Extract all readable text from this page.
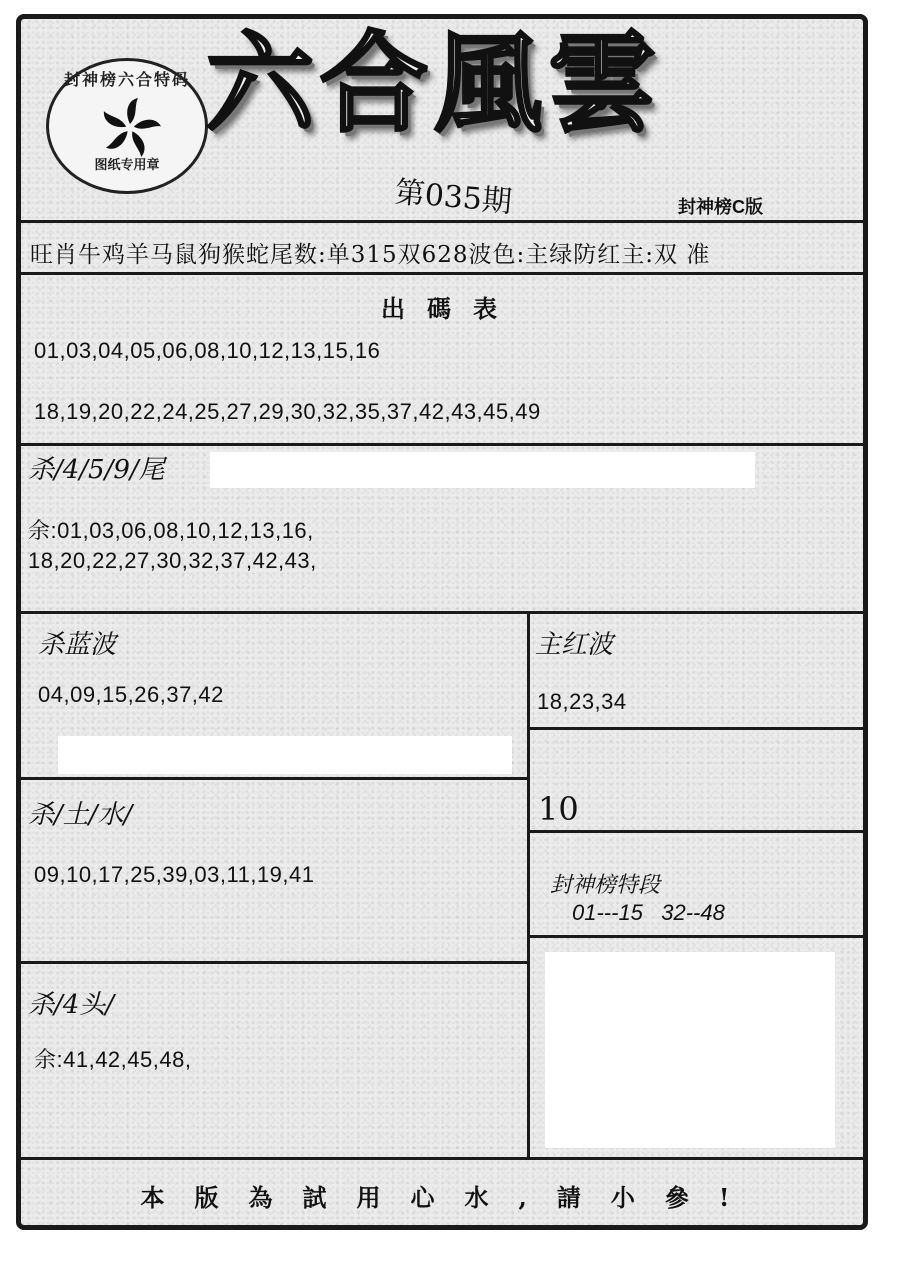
封神榜六合特码
图纸专用章
六合風雲
第035期	封神榜C版
旺肖牛鸡羊马鼠狗猴蛇尾数:单315双628波色:主绿防红主:双 准
出碼表
01,03,04,05,06,08,10,12,13,15,16
18,19,20,22,24,25,27,29,30,32,35,37,42,43,45,49
杀/4/5/9/尾
余:01,03,06,08,10,12,13,16,
18,20,22,27,30,32,37,42,43,
杀蓝波
04,09,15,26,37,42
主红波
18,23,34
10
杀/土/水/
09,10,17,25,39,03,11,19,41	封神榜特段
01---15   32--48
杀/4头/
余:41,42,45,48,
本版為試用心水,請小參!
